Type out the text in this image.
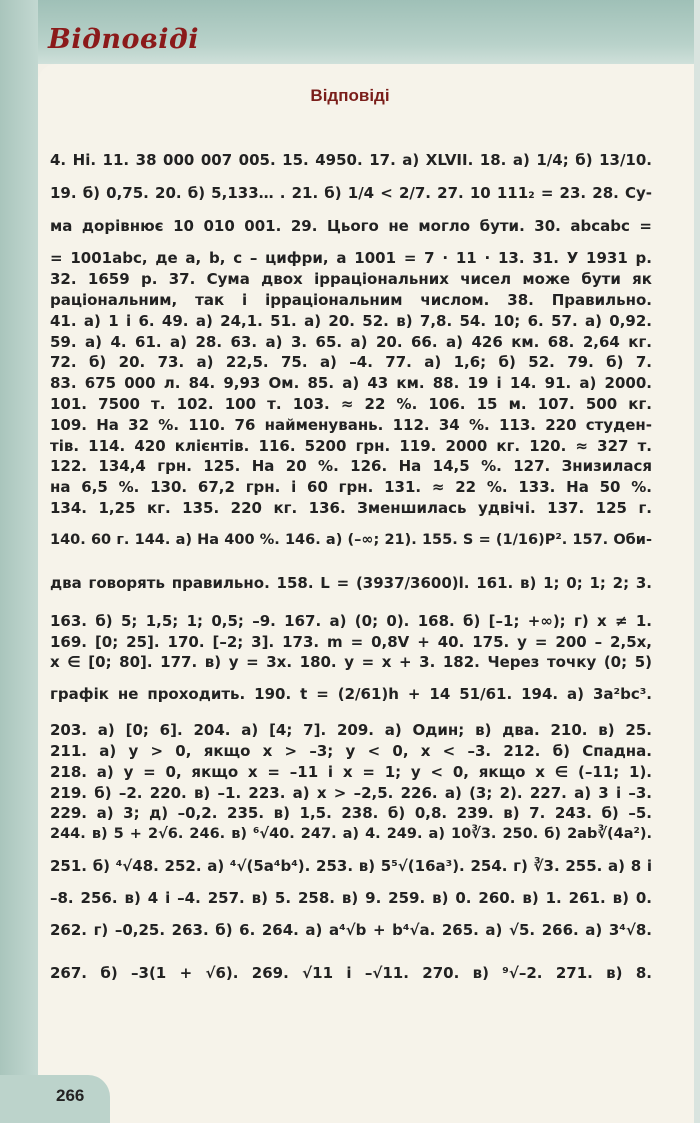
Відповіді
Відповіді
4. Ні. 11. 38 000 007 005. 15. 4950. 17. а) XLVII. 18. а) 1/4; б) 13/10.
19. б) 0,75. 20. б) 5,133… . 21. б) 1/4 < 2/7. 27. 10 111₂ = 23. 28. Су-
ма дорівнює 10 010 001. 29. Цього не могло бути. 30. abcabc =
= 1001abc, де a, b, c – цифри, а 1001 = 7 · 11 · 13. 31. У 1931 р.
32. 1659 р. 37. Сума двох ірраціональних чисел може бути як
раціональним, так і ірраціональним числом. 38. Правильно.
41. а) 1 і 6. 49. а) 24,1. 51. а) 20. 52. в) 7,8. 54. 10; 6. 57. а) 0,92.
59. а) 4. 61. а) 28. 63. а) 3. 65. а) 20. 66. а) 426 км. 68. 2,64 кг.
72. б) 20. 73. а) 22,5. 75. а) –4. 77. а) 1,6; б) 52. 79. б) 7.
83. 675 000 л. 84. 9,93 Ом. 85. а) 43 км. 88. 19 і 14. 91. а) 2000.
101. 7500 т. 102. 100 т. 103. ≈ 22 %. 106. 15 м. 107. 500 кг.
109. На 32 %. 110. 76 найменувань. 112. 34 %. 113. 220 студен-
тів. 114. 420 клієнтів. 116. 5200 грн. 119. 2000 кг. 120. ≈ 327 т.
122. 134,4 грн. 125. На 20 %. 126. На 14,5 %. 127. Знизилася
на 6,5 %. 130. 67,2 грн. і 60 грн. 131. ≈ 22 %. 133. На 50 %.
134. 1,25 кг. 135. 220 кг. 136. Зменшилась удвічі. 137. 125 г.
140. 60 г. 144. а) На 400 %. 146. а) (–∞; 21). 155. S = (1/16)P². 157. Оби-
два говорять правильно. 158. L = (3937/3600)l. 161. в) 1; 0; 1; 2; 3.
163. б) 5; 1,5; 1; 0,5; –9. 167. а) (0; 0). 168. б) [–1; +∞); г) x ≠ 1.
169. [0; 25]. 170. [–2; 3]. 173. m = 0,8V + 40. 175. y = 200 – 2,5x,
x ∈ [0; 80]. 177. в) y = 3x. 180. y = x + 3. 182. Через точку (0; 5)
графік не проходить. 190. t = (2/61)h + 14 51/61. 194. а) 3a²bc³.
203. а) [0; 6]. 204. а) [4; 7]. 209. а) Один; в) два. 210. в) 25.
211. а) y > 0, якщо x > –3; y < 0, x < –3. 212. б) Спадна.
218. а) y = 0, якщо x = –11 і x = 1; y < 0, якщо x ∈ (–11; 1).
219. б) –2. 220. в) –1. 223. а) x > –2,5. 226. а) (3; 2). 227. а) 3 і –3.
229. а) 3; д) –0,2. 235. в) 1,5. 238. б) 0,8. 239. в) 7. 243. б) –5.
244. в) 5 + 2√6. 246. в) ⁶√40. 247. а) 4. 249. а) 10∛3. 250. б) 2ab∛(4a²).
251. б) ⁴√48. 252. а) ⁴√(5a⁴b⁴). 253. в) 5⁵√(16a³). 254. г) ∛3. 255. а) 8 і
–8. 256. в) 4 і –4. 257. в) 5. 258. в) 9. 259. в) 0. 260. в) 1. 261. в) 0.
262. г) –0,25. 263. б) 6. 264. а) a⁴√b + b⁴√a. 265. а) √5. 266. а) 3⁴√8.
267. б) –3(1 + √6). 269. √11 і –√11. 270. в) ⁹√–2. 271. в) 8.
266
